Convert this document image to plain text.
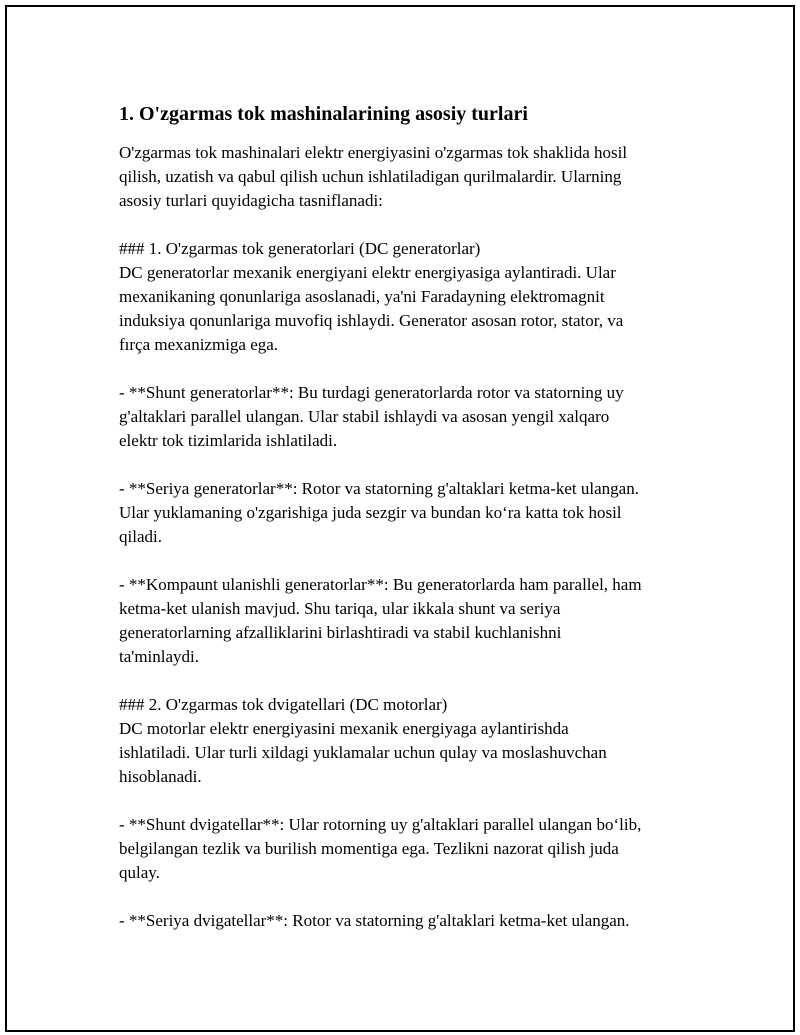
1. O'zgarmas tok mashinalarining asosiy turlari

O'zgarmas tok mashinalari elektr energiyasini o'zgarmas tok shaklida hosil
qilish, uzatish va qabul qilish uchun ishlatiladigan qurilmalardir. Ularning
asosiy turlari quyidagicha tasniflanadi:

### 1. O'zgarmas tok generatorlari (DC generatorlar)
DC generatorlar mexanik energiyani elektr energiyasiga aylantiradi. Ular
mexanikaning qonunlariga asoslanadi, ya'ni Faradayning elektromagnit
induksiya qonunlariga muvofiq ishlaydi. Generator asosan rotor, stator, va
fırça mexanizmiga ega.

- **Shunt generatorlar**: Bu turdagi generatorlarda rotor va statorning uy
g'altaklari parallel ulangan. Ular stabil ishlaydi va asosan yengil xalqaro
elektr tok tizimlarida ishlatiladi.

- **Seriya generatorlar**: Rotor va statorning g'altaklari ketma-ket ulangan.
Ular yuklamaning o'zgarishiga juda sezgir va bundan ko‘ra katta tok hosil
qiladi.

- **Kompaunt ulanishli generatorlar**: Bu generatorlarda ham parallel, ham
ketma-ket ulanish mavjud. Shu tariqa, ular ikkala shunt va seriya
generatorlarning afzalliklarini birlashtiradi va stabil kuchlanishni
ta'minlaydi.

### 2. O'zgarmas tok dvigatellari (DC motorlar)
DC motorlar elektr energiyasini mexanik energiyaga aylantirishda
ishlatiladi. Ular turli xildagi yuklamalar uchun qulay va moslashuvchan
hisoblanadi.

- **Shunt dvigatellar**: Ular rotorning uy g'altaklari parallel ulangan bo‘lib,
belgilangan tezlik va burilish momentiga ega. Tezlikni nazorat qilish juda
qulay.

- **Seriya dvigatellar**: Rotor va statorning g'altaklari ketma-ket ulangan.
